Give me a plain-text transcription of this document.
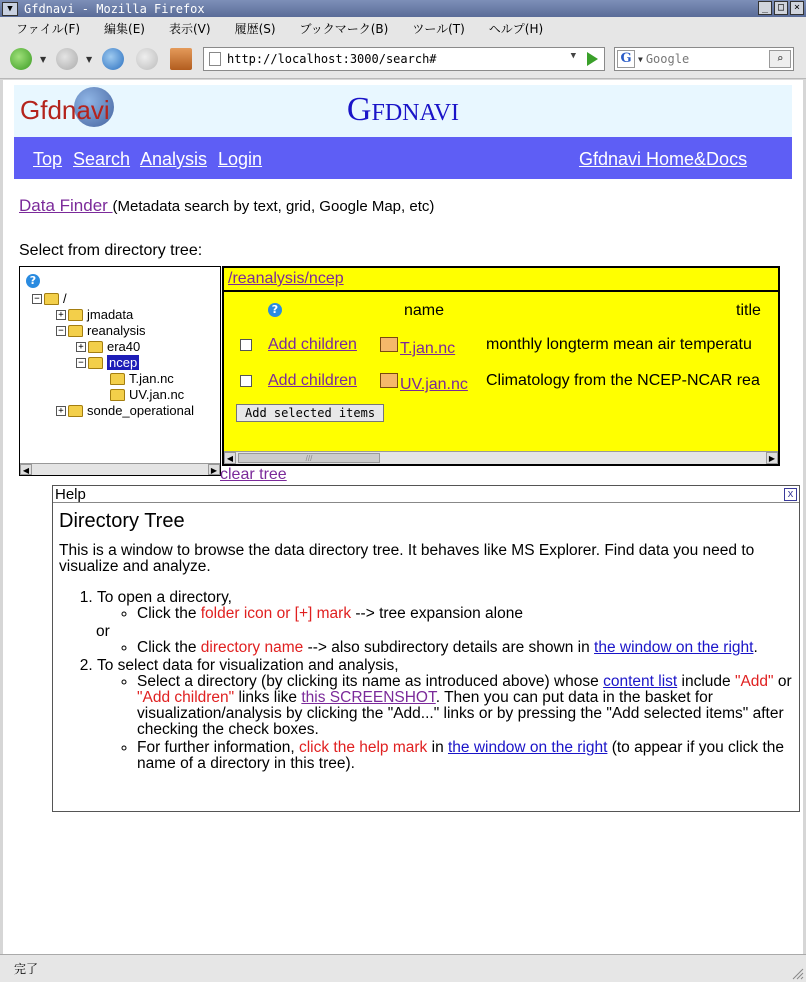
▼ Gfdnavi - Mozilla Firefox	_ □ ×
ファイル(F) 編集(E) 表示(V) 履歴(S) ブックマーク(B) ツール(T) ヘルプ(H)
▼	▼	http://localhost:3000/search#	▼	G ▼ Google	⌕
Gfdnavi	Gfdnavi
Top Search Analysis Login	Gfdnavi Home&Docs
Data Finder (Metadata search by text, grid, Google Map, etc)
Select from directory tree:
?
− /
+ jmadata
− reanalysis
+ era40
− ncep
T.jan.nc
UV.jan.nc
+ sonde_operational
◀	▶
/reanalysis/ncep
?	name	title
Add children	T.jan.nc monthly longterm mean air temperatu
Add children	UV.jan.nc Climatology from the NCEP-NCAR rea
Add selected items
◀	///	▶
clear tree
Help	x
Directory Tree
This is a window to browse the data directory tree. It behaves like MS Explorer. Find data you need to visualize and analyze.
1. To open a directory,
◦ Click the folder icon or [+] mark --> tree expansion alone
or
◦ Click the directory name --> also subdirectory details are shown in the window on the right.
2. To select data for visualization and analysis,
◦ Select a directory (by clicking its name as introduced above) whose content list include "Add" or "Add children" links like this SCREENSHOT. Then you can put data in the basket for visualization/analysis by clicking the "Add..." links or by pressing the "Add selected items" after checking the check boxes.
◦ For further information, click the help mark in the window on the right (to appear if you click the name of a directory in this tree).
完了
